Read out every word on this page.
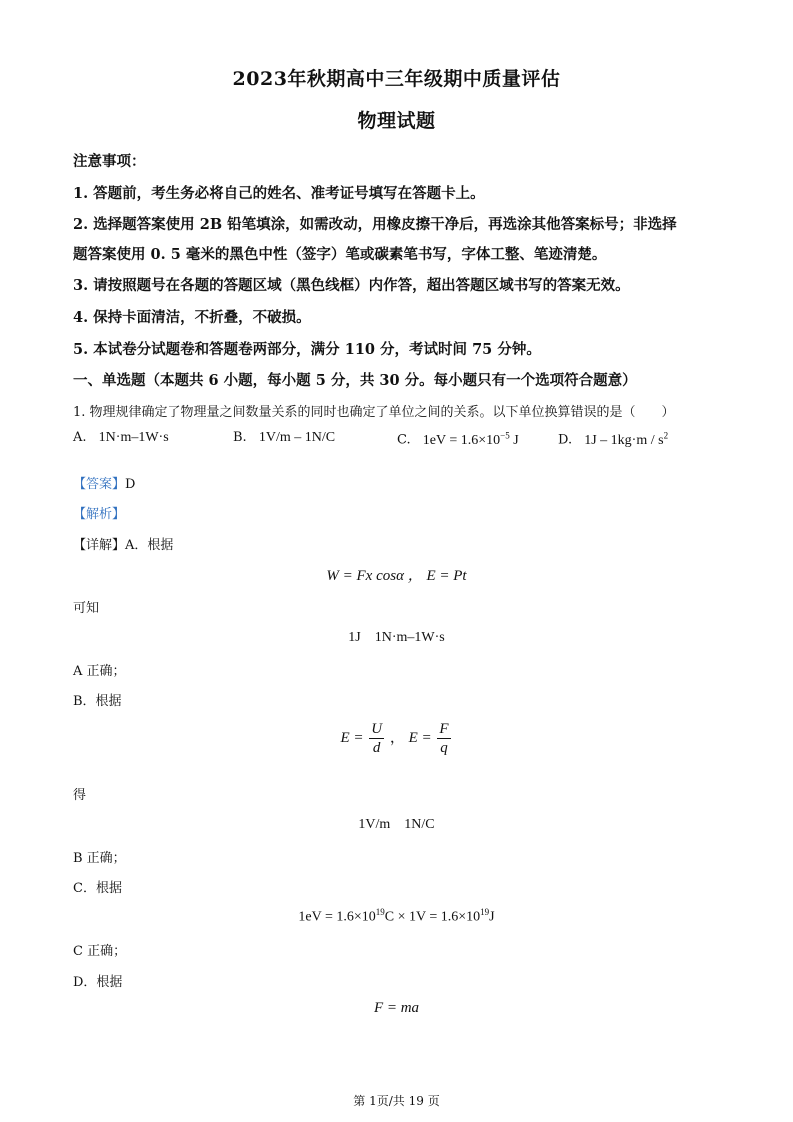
2023年秋期高中三年级期中质量评估
物理试题
注意事项：
1. 答题前，考生务必将自己的姓名、准考证号填写在答题卡上。
2. 选择题答案使用 2B 铅笔填涂，如需改动，用橡皮擦干净后，再选涂其他答案标号；非选择
题答案使用 0. 5 毫米的黑色中性（签字）笔或碳素笔书写，字体工整、笔迹清楚。
3. 请按照题号在各题的答题区域（黑色线框）内作答，超出答题区域书写的答案无效。
4. 保持卡面清洁，不折叠，不破损。
5. 本试卷分试题卷和答题卷两部分，满分 110 分，考试时间 75 分钟。
一、单选题（本题共 6 小题，每小题 5 分，共 30 分。每小题只有一个选项符合题意）
1. 物理规律确定了物理量之间数量关系的同时也确定了单位之间的关系。以下单位换算错误的是（　　）
A. 1N·m–1W·s	B. 1V/m – 1N/C	C. $1eV = 1.6\times 10^{-5}$ J	D. $1J - 1kg\cdot m / s^2$
【答案】D
【解析】
【详解】A．根据
W = Fx cosα ， E = Pt
可知
1J　1N·m–1W·s
A 正确；
B．根据
$E = \frac{U}{d}$ ， $E = \frac{F}{q}$
得
1V/m　1N/C
B 正确；
C．根据
$1eV = 1.6\times 10^{19}C \times 1V = 1.6\times 10^{19}J$
C 正确；
D．根据
F = ma
第 1页/共 19 页
